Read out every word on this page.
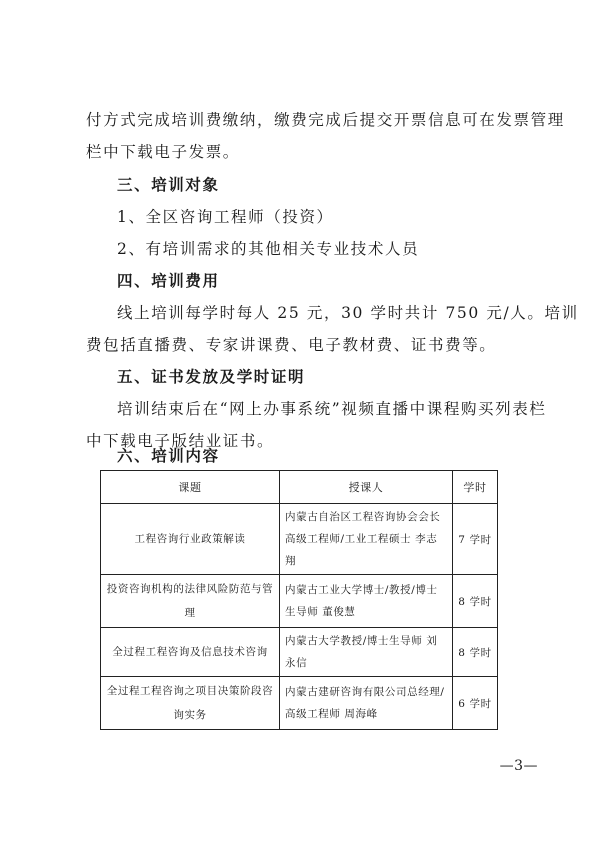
付方式完成培训费缴纳，缴费完成后提交开票信息可在发票管理
栏中下载电子发票。
三、培训对象
1、全区咨询工程师（投资）
2、有培训需求的其他相关专业技术人员
四、培训费用
线上培训每学时每人 25 元，30 学时共计 750 元/人。培训
费包括直播费、专家讲课费、电子教材费、证书费等。
五、证书发放及学时证明
培训结束后在“网上办事系统”视频直播中课程购买列表栏
中下载电子版结业证书。
六、培训内容
课题	授课人	学时
工程咨询行业政策解读	内蒙古自治区工程咨询协会会长 高级工程师/工业工程硕士 李志翔	7 学时
投资咨询机构的法律风险防范与管理	内蒙古工业大学博士/教授/博士生导师 董俊慧	8 学时
全过程工程咨询及信息技术咨询	内蒙古大学教授/博士生导师 刘永信	8 学时
全过程工程咨询之项目决策阶段咨询实务	内蒙古建研咨询有限公司总经理/高级工程师 周海峰	6 学时
—3—
